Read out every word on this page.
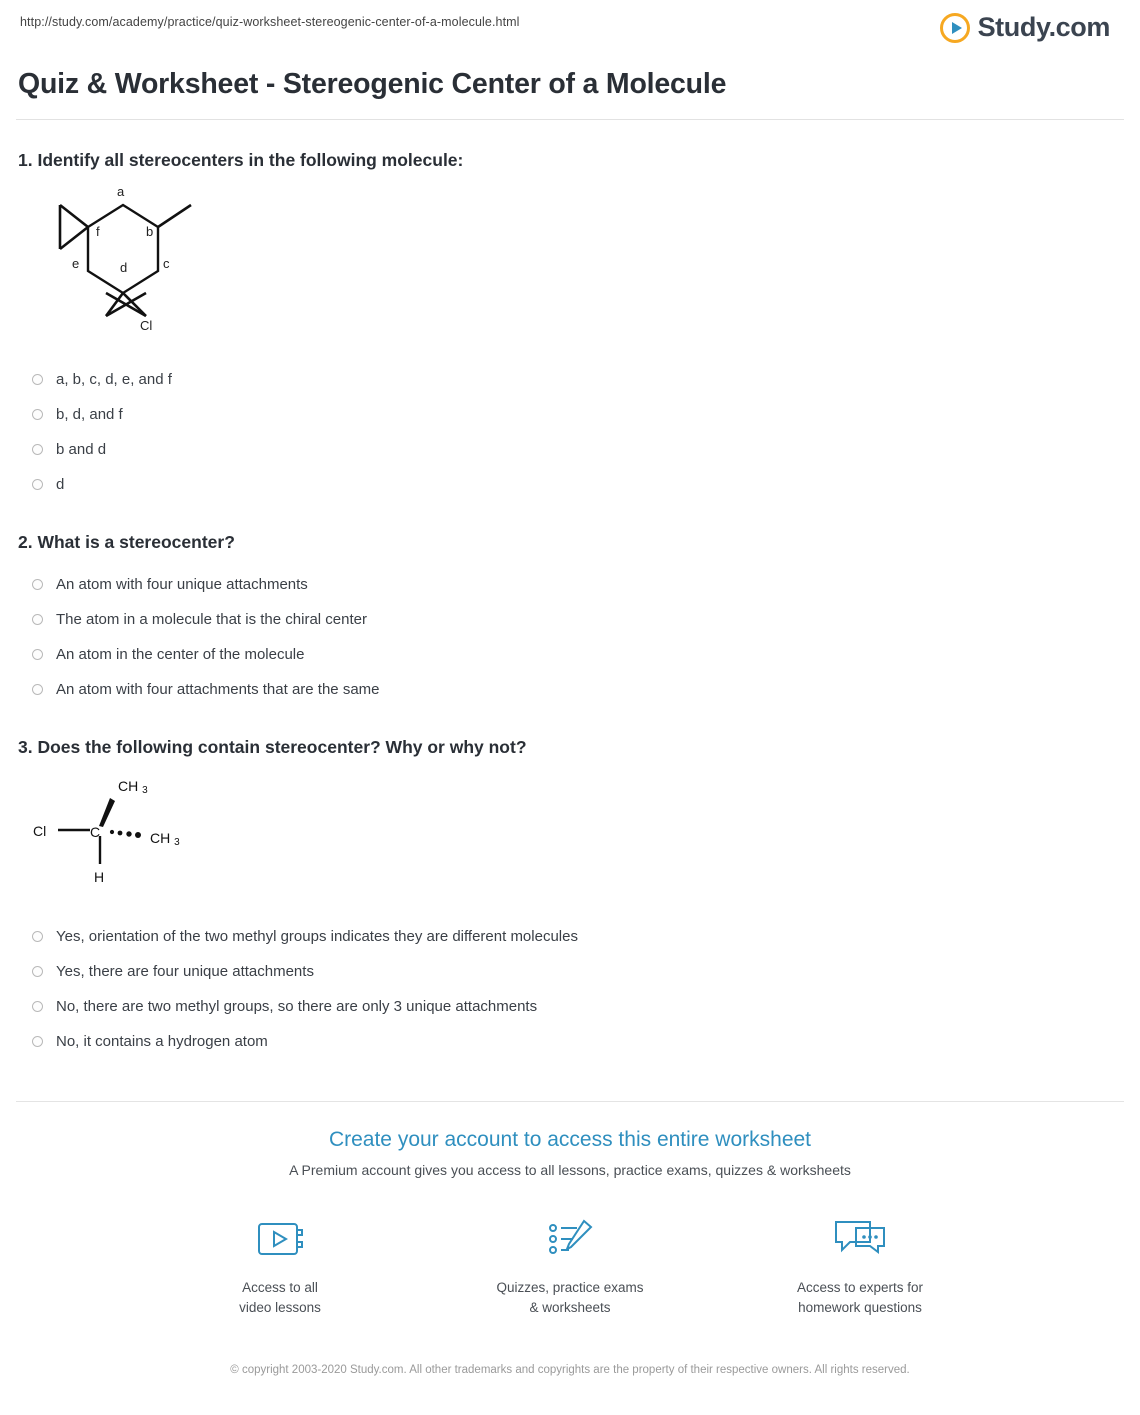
http://study.com/academy/practice/quiz-worksheet-stereogenic-center-of-a-molecule.html	Study.com
Quiz & Worksheet - Stereogenic Center of a Molecule
1. Identify all stereocenters in the following molecule:
a
b
c
d
e
f
Cl
a, b, c, d, e, and f
b, d, and f
b and d
d
2. What is a stereocenter?
An atom with four unique attachments
The atom in a molecule that is the chiral center
An atom in the center of the molecule
An atom with four attachments that are the same
3. Does the following contain stereocenter? Why or why not?
CH 3
Cl	C	CH 3
H
Yes, orientation of the two methyl groups indicates they are different molecules
Yes, there are four unique attachments
No, there are two methyl groups, so there are only 3 unique attachments
No, it contains a hydrogen atom
Create your account to access this entire worksheet
A Premium account gives you access to all lessons, practice exams, quizzes & worksheets
Access to all
video lessons
Quizzes, practice exams
& worksheets
Access to experts for
homework questions
© copyright 2003-2020 Study.com. All other trademarks and copyrights are the property of their respective owners. All rights reserved.
